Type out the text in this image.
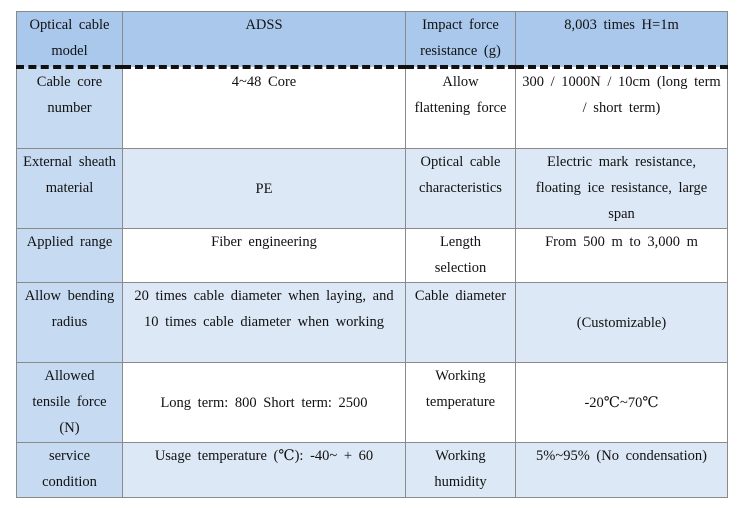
Optical cable model	ADSS	Impact force resistance (g)	8,003 times H=1m
Cable core number	4~48 Core	Allow flattening force	300 / 1000N / 10cm (long term / short term)
External sheath material	PE	Optical cable characteristics	Electric mark resistance, floating ice resistance, large span
Applied range	Fiber engineering	Length selection	From 500 m to 3,000 m
Allow bending radius	20 times cable diameter when laying, and 10 times cable diameter when working	Cable diameter	(Customizable)
Allowed tensile force (N)	Long term: 800 Short term: 2500	Working temperature	-20℃~70℃
service condition	Usage temperature (℃): -40~ + 60	Working humidity	5%~95% (No condensation)
